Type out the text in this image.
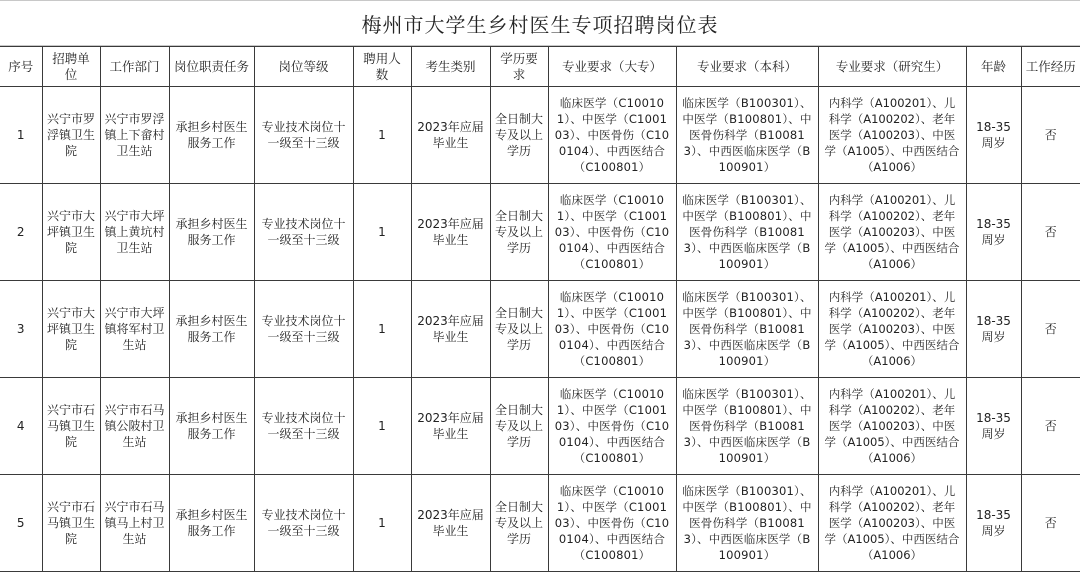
梅州市大学生乡村医生专项招聘岗位表
序号	招聘单位	工作部门	岗位职责任务	岗位等级	聘用人数	考生类别	学历要求	专业要求（大专）	专业要求（本科）	专业要求（研究生）	年龄	工作经历
1	兴宁市罗浮镇卫生院	兴宁市罗浮镇上下畲村卫生站	承担乡村医生服务工作	专业技术岗位十一级至十三级	1	2023年应届毕业生	全日制大专及以上学历	临床医学（C100101）、中医学（C100103）、中医骨伤（C100104）、中西医结合（C100801）	临床医学（B100301）、中医学（B100801）、中医骨伤科学（B100813）、中西医临床医学（B100901）	内科学（A100201）、儿科学（A100202）、老年医学（A100203）、中医学（A1005）、中西医结合（A1006）	18-35周岁	否
2	兴宁市大坪镇卫生院	兴宁市大坪镇上黄坑村卫生站	承担乡村医生服务工作	专业技术岗位十一级至十三级	1	2023年应届毕业生	全日制大专及以上学历	临床医学（C100101）、中医学（C100103）、中医骨伤（C100104）、中西医结合（C100801）	临床医学（B100301）、中医学（B100801）、中医骨伤科学（B100813）、中西医临床医学（B100901）	内科学（A100201）、儿科学（A100202）、老年医学（A100203）、中医学（A1005）、中西医结合（A1006）	18-35周岁	否
3	兴宁市大坪镇卫生院	兴宁市大坪镇将军村卫生站	承担乡村医生服务工作	专业技术岗位十一级至十三级	1	2023年应届毕业生	全日制大专及以上学历	临床医学（C100101）、中医学（C100103）、中医骨伤（C100104）、中西医结合（C100801）	临床医学（B100301）、中医学（B100801）、中医骨伤科学（B100813）、中西医临床医学（B100901）	内科学（A100201）、儿科学（A100202）、老年医学（A100203）、中医学（A1005）、中西医结合（A1006）	18-35周岁	否
4	兴宁市石马镇卫生院	兴宁市石马镇公陂村卫生站	承担乡村医生服务工作	专业技术岗位十一级至十三级	1	2023年应届毕业生	全日制大专及以上学历	临床医学（C100101）、中医学（C100103）、中医骨伤（C100104）、中西医结合（C100801）	临床医学（B100301）、中医学（B100801）、中医骨伤科学（B100813）、中西医临床医学（B100901）	内科学（A100201）、儿科学（A100202）、老年医学（A100203）、中医学（A1005）、中西医结合（A1006）	18-35周岁	否
5	兴宁市石马镇卫生院	兴宁市石马镇马上村卫生站	承担乡村医生服务工作	专业技术岗位十一级至十三级	1	2023年应届毕业生	全日制大专及以上学历	临床医学（C100101）、中医学（C100103）、中医骨伤（C100104）、中西医结合（C100801）	临床医学（B100301）、中医学（B100801）、中医骨伤科学（B100813）、中西医临床医学（B100901）	内科学（A100201）、儿科学（A100202）、老年医学（A100203）、中医学（A1005）、中西医结合（A1006）	18-35周岁	否
